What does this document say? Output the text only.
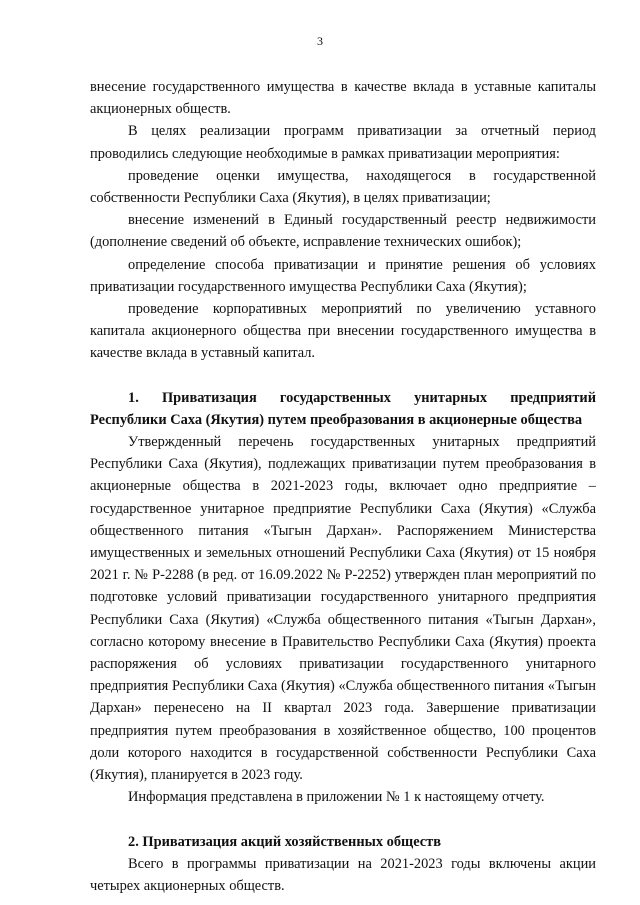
3

внесение государственного имущества в качестве вклада в уставные капиталы акционерных обществ.

В целях реализации программ приватизации за отчетный период проводились следующие необходимые в рамках приватизации мероприятия:

проведение оценки имущества, находящегося в государственной собственности Республики Саха (Якутия), в целях приватизации;

внесение изменений в Единый государственный реестр недвижимости (дополнение сведений об объекте, исправление технических ошибок);

определение способа приватизации и принятие решения об условиях приватизации государственного имущества Республики Саха (Якутия);

проведение корпоративных мероприятий по увеличению уставного капитала акционерного общества при внесении государственного имущества в качестве вклада в уставный капитал.

1. Приватизация государственных унитарных предприятий Республики Саха (Якутия) путем преобразования в акционерные общества

Утвержденный перечень государственных унитарных предприятий Республики Саха (Якутия), подлежащих приватизации путем преобразования в акционерные общества в 2021-2023 годы, включает одно предприятие – государственное унитарное предприятие Республики Саха (Якутия) «Служба общественного питания «Тыгын Дархан». Распоряжением Министерства имущественных и земельных отношений Республики Саха (Якутия) от 15 ноября 2021 г. № Р-2288 (в ред. от 16.09.2022 № Р-2252) утвержден план мероприятий по подготовке условий приватизации государственного унитарного предприятия Республики Саха (Якутия) «Служба общественного питания «Тыгын Дархан», согласно которому внесение в Правительство Республики Саха (Якутия) проекта распоряжения об условиях приватизации государственного унитарного предприятия Республики Саха (Якутия) «Служба общественного питания «Тыгын Дархан» перенесено на II квартал 2023 года. Завершение приватизации предприятия путем преобразования в хозяйственное общество, 100 процентов доли которого находится в государственной собственности Республики Саха (Якутия), планируется в 2023 году.

Информация представлена в приложении № 1 к настоящему отчету.

2. Приватизация акций хозяйственных обществ

Всего в программы приватизации на 2021-2023 годы включены акции четырех акционерных обществ.
